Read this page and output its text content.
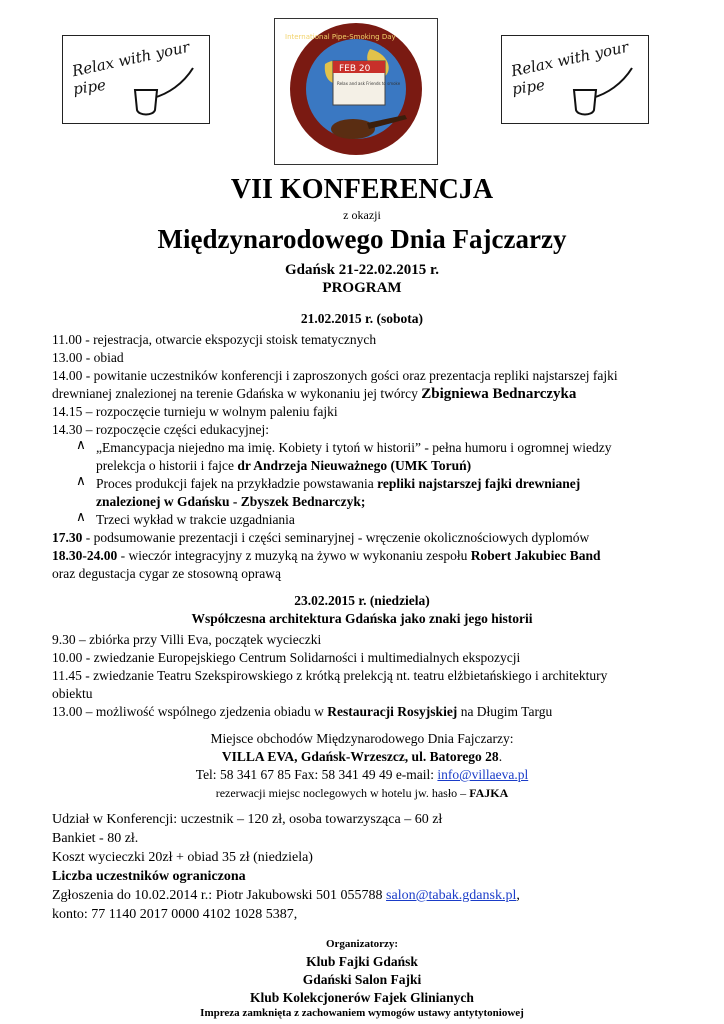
Relax with your
pipe
FEB 20
Relax and ask Friends to smoke
International Pipe-Smoking Day
Relax with your
pipe
VII KONFERENCJA
z okazji
Międzynarodowego Dnia Fajczarzy
Gdańsk 21-22.02.2015 r.
PROGRAM
21.02.2015 r. (sobota)
11.00 - rejestracja, otwarcie ekspozycji stoisk tematycznych
13.00 - obiad
14.00 - powitanie uczestników konferencji i zaproszonych gości oraz prezentacja repliki najstarszej fajki
drewnianej znalezionej na terenie Gdańska w wykonaniu jej twórcy Zbigniewa Bednarczyka
14.15 – rozpoczęcie turnieju w wolnym paleniu fajki
14.30 – rozpoczęcie części edukacyjnej:
∧ „Emancypacja niejedno ma imię. Kobiety i tytoń w historii” - pełna humoru i ogromnej wiedzy
prelekcja o historii i fajce dr Andrzeja Nieuważnego (UMK Toruń)
∧ Proces produkcji fajek na przykładzie powstawania repliki najstarszej fajki drewnianej
znalezionej w Gdańsku - Zbyszek Bednarczyk;
∧ Trzeci wykład w trakcie uzgadniania
17.30 - podsumowanie prezentacji i części seminaryjnej - wręczenie okolicznościowych dyplomów
18.30-24.00 - wieczór integracyjny z muzyką na żywo w wykonaniu zespołu Robert Jakubiec Band
oraz degustacja cygar ze stosowną oprawą
23.02.2015 r. (niedziela)
Współczesna architektura Gdańska jako znaki jego historii
9.30 – zbiórka przy Villi Eva, początek wycieczki
10.00 - zwiedzanie Europejskiego Centrum Solidarności i multimedialnych ekspozycji
11.45 - zwiedzanie Teatru Szekspirowskiego z krótką prelekcją nt. teatru elżbietańskiego i architektury
obiektu
13.00 – możliwość wspólnego zjedzenia obiadu w Restauracji Rosyjskiej na Długim Targu
Miejsce obchodów Międzynarodowego Dnia Fajczarzy:
VILLA EVA, Gdańsk-Wrzeszcz, ul. Batorego 28.
Tel: 58 341 67 85 Fax: 58 341 49 49 e-mail: info@villaeva.pl
rezerwacji miejsc noclegowych w hotelu jw. hasło – FAJKA
Udział w Konferencji: uczestnik – 120 zł, osoba towarzysząca – 60 zł
Bankiet - 80 zł.
Koszt wycieczki 20zł + obiad 35 zł (niedziela)
Liczba uczestników ograniczona
Zgłoszenia do 10.02.2014 r.: Piotr Jakubowski 501 055788 salon@tabak.gdansk.pl,
konto: 77 1140 2017 0000 4102 1028 5387,
Organizatorzy:
Klub Fajki Gdańsk
Gdański Salon Fajki
Klub Kolekcjonerów Fajek Glinianych
Impreza zamknięta z zachowaniem wymogów ustawy antytytoniowej
